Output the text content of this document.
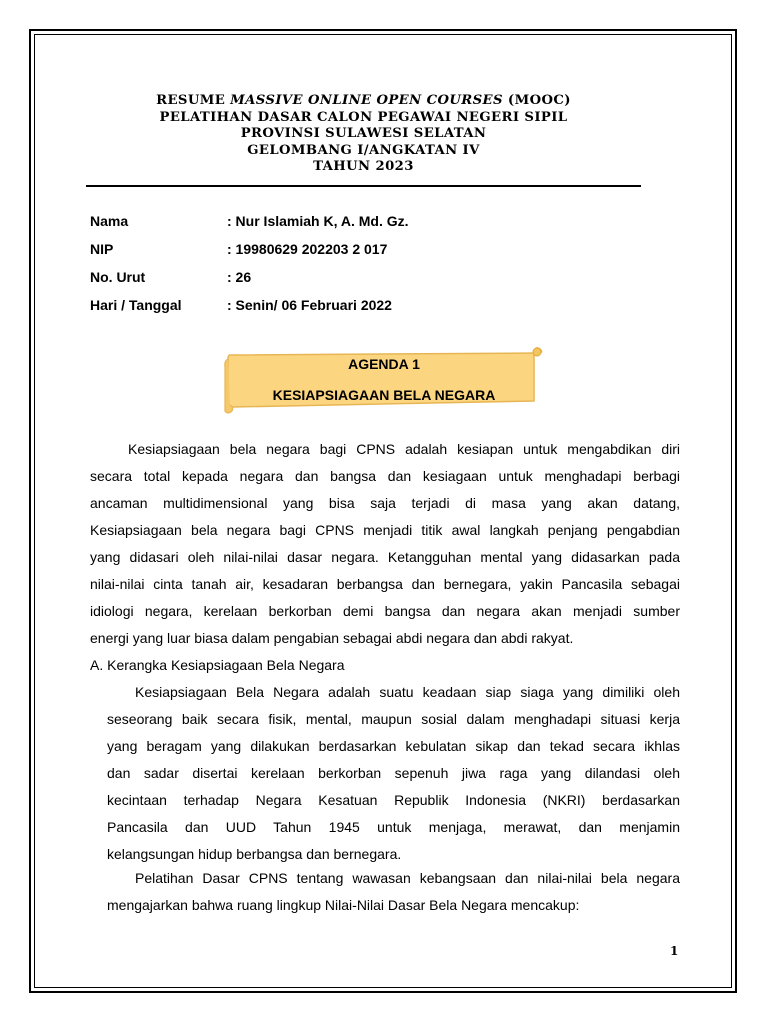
RESUME MASSIVE ONLINE OPEN COURSES (MOOC)
PELATIHAN DASAR CALON PEGAWAI NEGERI SIPIL
PROVINSI SULAWESI SELATAN
GELOMBANG I/ANGKATAN IV
TAHUN 2023
Nama	: Nur Islamiah K, A. Md. Gz.
NIP	: 19980629 202203 2 017
No. Urut	: 26
Hari / Tanggal	: Senin/ 06 Februari 2022
AGENDA 1
KESIAPSIAGAAN BELA NEGARA
Kesiapsiagaan bela negara bagi CPNS adalah kesiapan untuk mengabdikan diri
secara total kepada negara dan bangsa dan kesiagaan untuk menghadapi berbagi
ancaman multidimensional yang bisa saja terjadi di masa yang akan datang,
Kesiapsiagaan bela negara bagi CPNS menjadi titik awal langkah penjang pengabdian
yang didasari oleh nilai-nilai dasar negara. Ketangguhan mental yang didasarkan pada
nilai-nilai cinta tanah air, kesadaran berbangsa dan bernegara, yakin Pancasila sebagai
idiologi negara, kerelaan berkorban demi bangsa dan negara akan menjadi sumber
energi yang luar biasa dalam pengabian sebagai abdi negara dan abdi rakyat.
A. Kerangka Kesiapsiagaan Bela Negara
Kesiapsiagaan Bela Negara adalah suatu keadaan siap siaga yang dimiliki oleh
seseorang baik secara fisik, mental, maupun sosial dalam menghadapi situasi kerja
yang beragam yang dilakukan berdasarkan kebulatan sikap dan tekad secara ikhlas
dan sadar disertai kerelaan berkorban sepenuh jiwa raga yang dilandasi oleh
kecintaan terhadap Negara Kesatuan Republik Indonesia (NKRI) berdasarkan
Pancasila dan UUD Tahun 1945 untuk menjaga, merawat, dan menjamin
kelangsungan hidup berbangsa dan bernegara.
Pelatihan Dasar CPNS tentang wawasan kebangsaan dan nilai-nilai bela negara
mengajarkan bahwa ruang lingkup Nilai-Nilai Dasar Bela Negara mencakup:
1
